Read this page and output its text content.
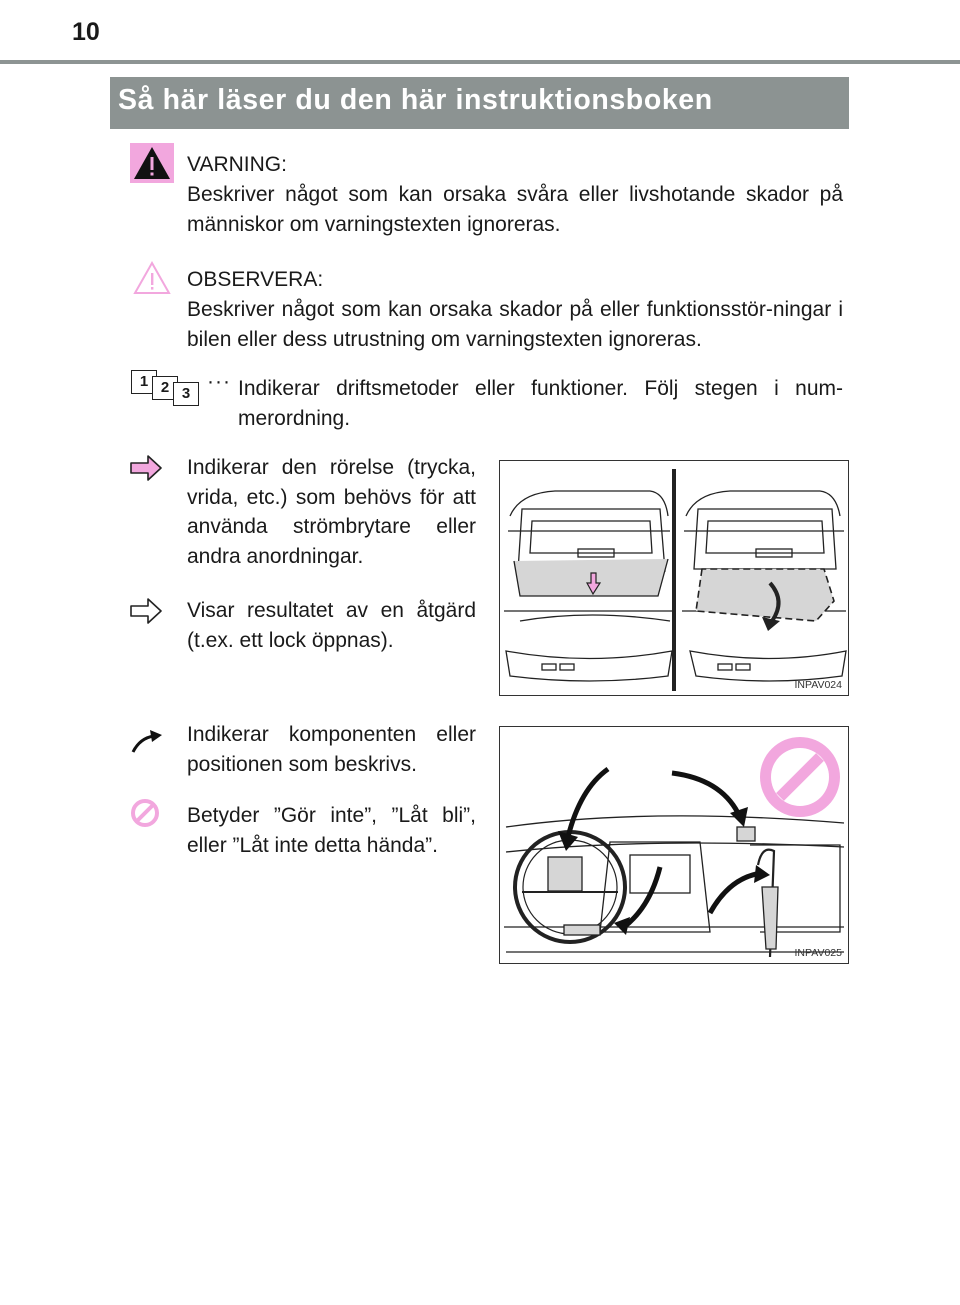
10
Så här läser du den här instruktionsboken
VARNING:
Beskriver något som kan orsaka svåra eller livshotande skador på människor om varningstexten ignoreras.
OBSERVERA:
Beskriver något som kan orsaka skador på eller funktionsstör-ningar i bilen eller dess utrustning om varningstexten ignoreras.
1 2 3
··· Indikerar driftsmetoder eller funktioner. Följ stegen i num-merordning.
Indikerar den rörelse (trycka, vrida, etc.) som behövs för att använda strömbrytare eller andra anordningar.
Visar resultatet av en åtgärd (t.ex. ett lock öppnas).
INPAV024
Indikerar komponenten eller positionen som beskrivs.
Betyder ”Gör inte”, ”Låt bli”, eller ”Låt inte detta hända”.
INPAV025
